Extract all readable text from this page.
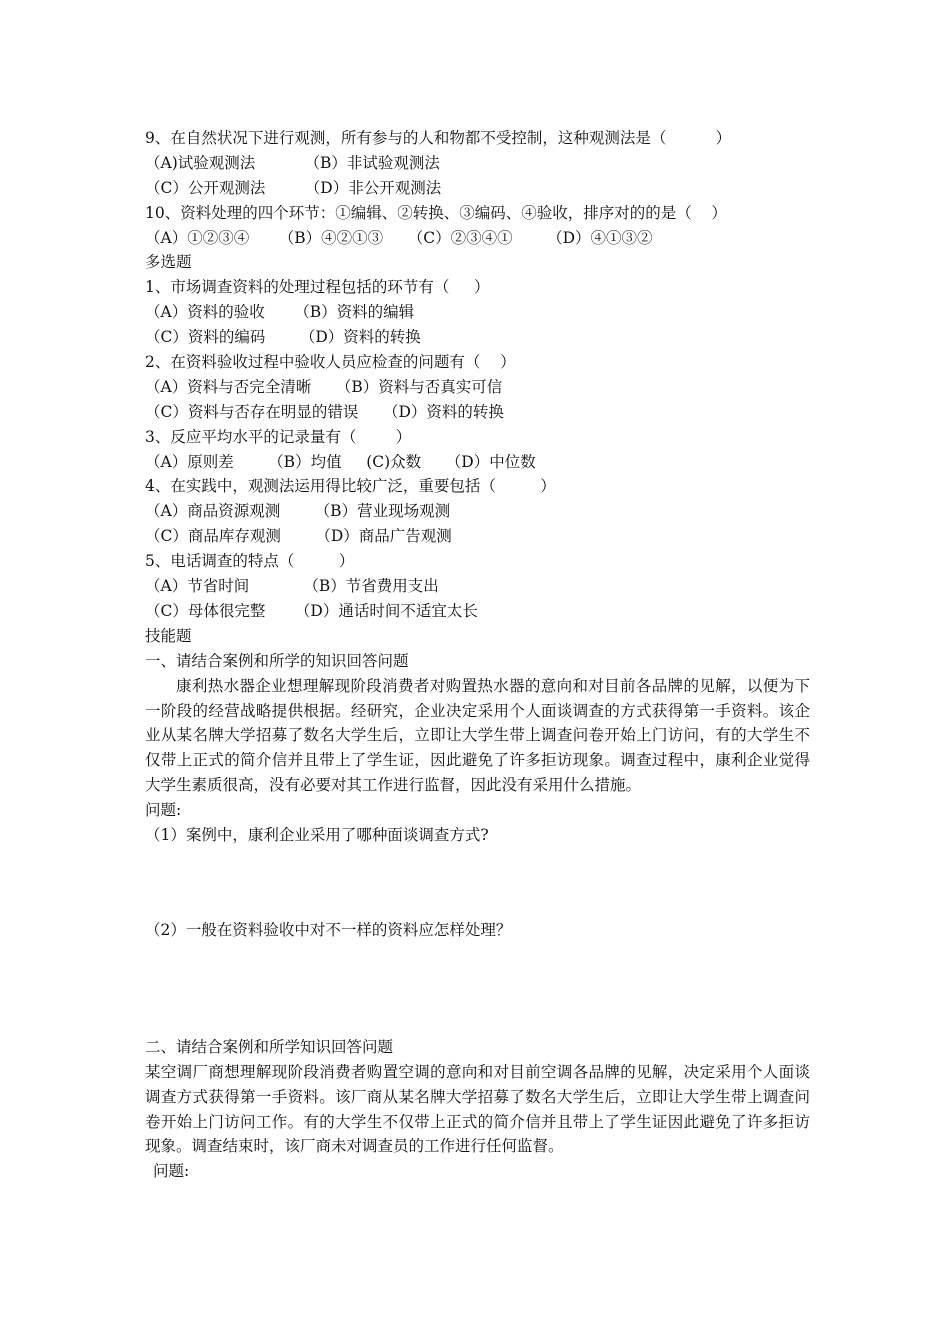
9、在自然状况下进行观测，所有参与的人和物都不受控制，这种观测法是（          ）
（A)试验观测法          （B）非试验观测法
（C）公开观测法        （D）非公开观测法
10、资料处理的四个环节：①编辑、②转换、③编码、④验收，排序对的的是（    ）
（A）①②③④      （B）④②①③     （C）②③④①       （D）④①③②
多选题
1、市场调查资料的处理过程包括的环节有（     ）
（A）资料的验收      （B）资料的编辑
（C）资料的编码       （D）资料的转换
2、在资料验收过程中验收人员应检查的问题有（    ）
（A）资料与否完全清晰     （B）资料与否真实可信
（C）资料与否存在明显的错误     （D）资料的转换
3、反应平均水平的记录量有（        ）
（A）原则差       （B）均值     (C)众数     （D）中位数
4、在实践中，观测法运用得比较广泛，重要包括（         ）
（A）商品资源观测       （B）营业现场观测
（C）商品库存观测       （D）商品广告观测
5、电话调查的特点（         ）
（A）节省时间           （B）节省费用支出
（C）母体很完整      （D）通话时间不适宜太长
技能题
一、请结合案例和所学的知识回答问题

康利热水器企业想理解现阶段消费者对购置热水器的意向和对目前各品牌的见解，以便为下一阶段的经营战略提供根据。经研究，企业决定采用个人面谈调查的方式获得第一手资料。该企业从某名牌大学招募了数名大学生后，立即让大学生带上调查问卷开始上门访问，有的大学生不仅带上正式的简介信并且带上了学生证，因此避免了许多拒访现象。调查过程中，康利企业觉得大学生素质很高，没有必要对其工作进行监督，因此没有采用什么措施。

问题:
（1）案例中，康利企业采用了哪种面谈调查方式?
（2）一般在资料验收中对不一样的资料应怎样处理？
二、请结合案例和所学知识回答问题

某空调厂商想理解现阶段消费者购置空调的意向和对目前空调各品牌的见解，决定采用个人面谈调查方式获得第一手资料。该厂商从某名牌大学招募了数名大学生后，立即让大学生带上调查问卷开始上门访问工作。有的大学生不仅带上正式的简介信并且带上了学生证因此避免了许多拒访现象。调查结束时，该厂商未对调查员的工作进行任何监督。

问题:
